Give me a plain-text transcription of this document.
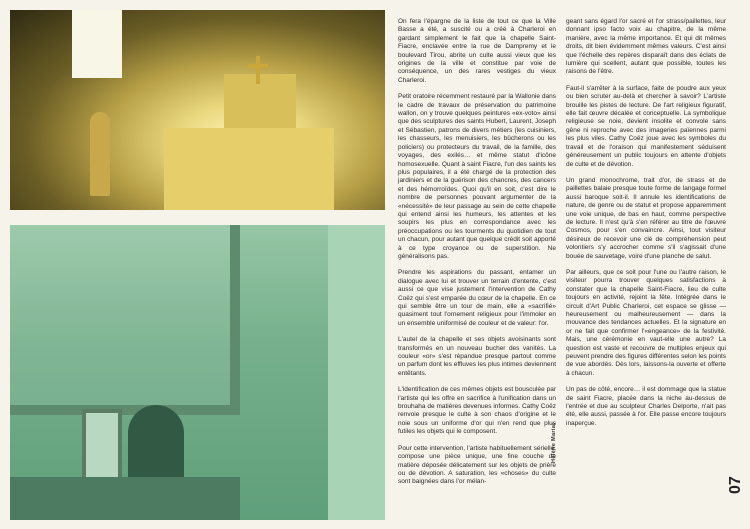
On fera l'épargne de la liste de tout ce que la Ville Basse a été, a suscité ou a créé à Charleroi en gardant simplement le fait que la chapelle Saint-Fiacre, enclavée entre la rue de Dampremy et le boulevard Tirou, abrite un culte aussi vieux que les origines de la ville et constitue par voie de conséquence, un des rares vestiges du vieux Charleroi.

Petit oratoire récemment restauré par la Wallonie dans le cadre de travaux de préservation du patrimoine wallon, on y trouve quelques peintures «ex-voto» ainsi que des sculptures des saints Hubert, Laurent, Joseph et Sébastien, patrons de divers métiers (les cuisiniers, les chasseurs, les menuisiers, les bûcherons ou les policiers) ou protecteurs du travail, de la famille, des voyages, des exilés… et même statut d'icône homosexuelle. Quant à saint Fiacre, l'un des saints les plus populaires, il a été chargé de la protection des jardiniers et de la guérison des chancres, des cancers et des hémorroïdes. Quoi qu'il en soit, c'est dire le nombre de personnes pouvant argumenter de la «nécessité» de leur passage au sein de cette chapelle qui entend ainsi les humeurs, les attentes et les soupirs les plus en correspondance avec les préoccupations ou les tourments du quotidien de tout un chacun, pour autant que quelque crédit soit apporté à ce type croyance ou de superstition. Ne généralisons pas.

Prendre les aspirations du passant, entamer un dialogue avec lui et trouver un terrain d'entente, c'est aussi ce que vise justement l'intervention de Cathy Coëz qui s'est emparée du cœur de la chapelle. En ce qui semble être un tour de main, elle a «sacrifié» quasiment tout l'ornement religieux pour l'immoler en un ensemble uniformisé de couleur et de valeur: l'or.

L'autel de la chapelle et ses objets avoisinants sont transformés en un nouveau bucher des vanités. La couleur «or» s'est répandue presque partout comme un parfum dont les effluves les plus intimes deviennent entêtants.

L'identification de ces mêmes objets est bousculée par l'artiste qui les offre en sacrifice à l'unification dans un brouhaha de matières devenues informes. Cathy Coëz renvoie presque le culte à son chaos d'origine et le noie sous un uniforme d'or qui n'en rend que plus futiles les objets qui le composent.

Pour cette intervention, l'artiste habituellement sérielle, compose une pièce unique, une fine couche de matière déposée délicatement sur les objets de prière ou de dévotion. A saturation, les «choses» du culte sont baignées dans l'or mélan-

geant sans égard l'or sacré et l'or strass/paillettes, leur donnant ipso facto voix au chapitre, de la même manière, avec la même importance. Et qui dit mêmes droits, dit bien évidemment mêmes valeurs. C'est ainsi que l'échelle des repères disparaît dans des éclats de lumière qui scellent, autant que possible, toutes les raisons de l'être.

Faut-il s'arrêter à la surface, faite de poudre aux yeux ou bien scruter au-delà et chercher à savoir? L'artiste brouille les pistes de lecture. De l'art religieux figuratif, elle fait œuvre décalée et conceptuelle. La symbolique religieuse se noie, devient insolite et convole sans gêne ni reproche avec des imageries païennes parmi les plus viles. Cathy Coëz joue avec les symboles du travail et de l'oraison qui manifestement séduisent généreusement un public toujours en attente d'objets de culte et de dévotion.

Un grand monochrome, trait d'or, de strass et de paillettes balaie presque toute forme de langage formel aussi baroque soit-il. Il annule les identifications de nature, de genre ou de statut et propose apparemment une voie unique, de bas en haut, comme perspective de lecture. Il n'est qu'à s'en référer au titre de l'œuvre Cosmos, pour s'en convaincre. Ainsi, tout visiteur désireux de recevoir une clé de compréhension peut volontiers s'y accrocher comme s'il s'agissait d'une bouée de sauvetage, voire d'une planche de salut.

Par ailleurs, que ce soit pour l'une ou l'autre raison, le visiteur pourra trouver quelques satisfactions à constater que la chapelle Saint-Fiacre, lieu de culte toujours en activité, rejoint la fête. Intégrée dans le circuit d'Art Public Charleroi, cet espace se glisse — heureusement ou malheureusement — dans la mouvance des tendances actuelles. Et la signature en or ne fait que confirmer l'«engeance» de la festivité. Mais, une cérémonie en vaut-elle une autre? La question est vaste et recouvre de multiples enjeux qui peuvent prendre des figures différentes selon les points de vue abordés. Dès lors, laissons-la ouverte et offerte à chacun.

Un pas de côté, encore… il est dommage que la statue de saint Fiacre, placée dans la niche au-dessus de l'entrée et due au sculpteur Charles Delporte, n'ait pas été, elle aussi, passée à l'or. Elle passe encore toujours inaperçue.

Hélène Mariat
07
